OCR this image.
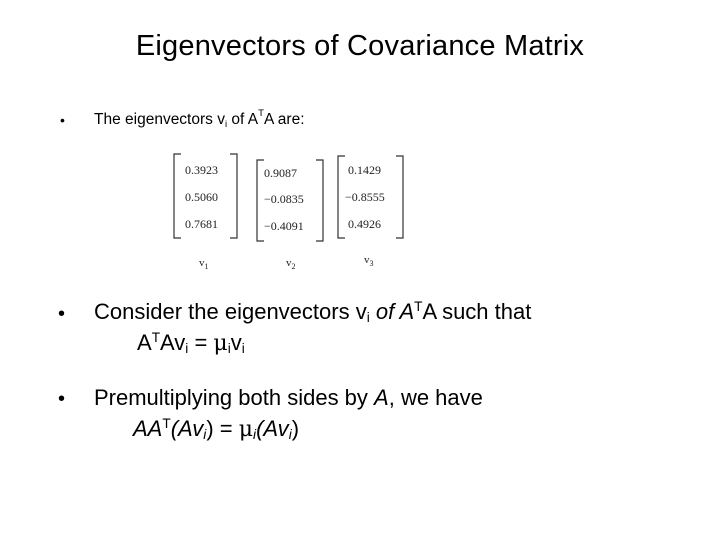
Eigenvectors of Covariance Matrix
• The eigenvectors $v_i$ of $A^TA$ are:
0.3923
0.5060
0.7681
$v_1$
0.9087
−0.0835
−0.4091
$v_2$
0.1429
−0.8555
0.4926
$v_3$
• Consider the eigenvectors $v_i$ of $A^TA$ such that
$A^TAv_i = \mu_iv_i$
• Premultiplying both sides by A, we have
$AA^T(Av_i) = \mu_i(Av_i)$
